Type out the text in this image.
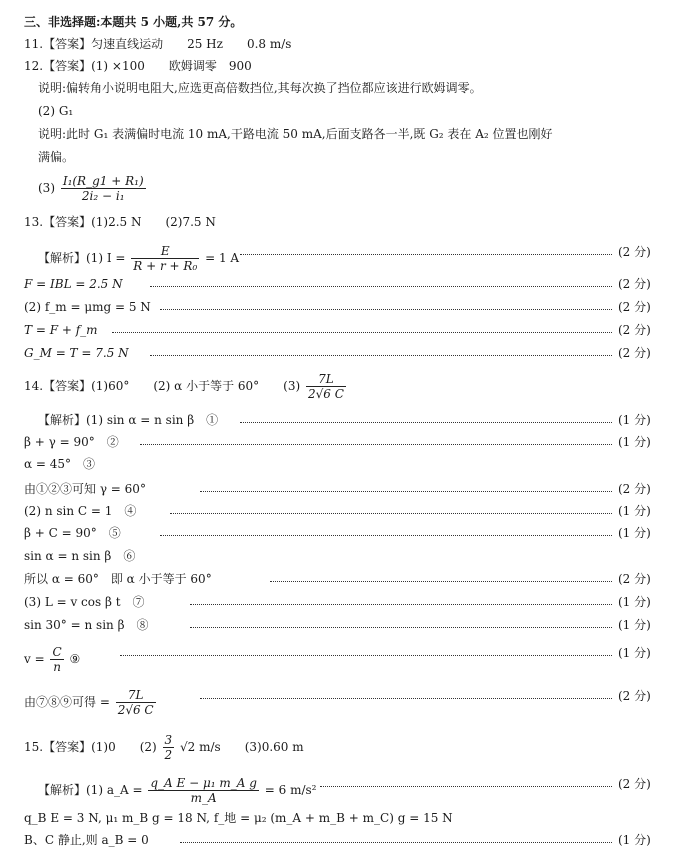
三、非选择题:本题共 5 小题,共 57 分。
11.【答案】匀速直线运动　　25 Hz　　0.8 m/s
12.【答案】(1) ×100　　欧姆调零　900
说明:偏转角小说明电阻大,应选更高倍数挡位,其每次换了挡位都应该进行欧姆调零。
(2) G₁
说明:此时 G₁ 表满偏时电流 10 mA,干路电流 50 mA,后面支路各一半,既 G₂ 表在 A₂ 位置也刚好
满偏。
$(3) \frac{\text{I₁(R\_g1 + R₁)}}{\text{2i₂ − i₁}}$
13.【答案】(1)2.5 N　　(2)7.5 N
【解析】(1) $I = \frac{E}{\text{R + r + R₀}} = 1$ A	(2 分)
F = IBL = 2.5 N	(2 分)
(2) f_m = μmg = 5 N	(2 分)
T = F + f_m	(2 分)
G_M = T = 7.5 N	(2 分)
14.【答案】(1)60°　　(2) α 小于等于 60°　　$(3) \frac{7L}{2√6 C}$
【解析】(1) sin α = n sin β　①	(1 分)
β + γ = 90°　②	(1 分)
α = 45°　③
由①②③可知 γ = 60°	(2 分)
(2) n sin C = 1　④	(1 分)
β + C = 90°　⑤	(1 分)
sin α = n sin β　⑥
所以 α = 60°　即 α 小于等于 60°	(2 分)
(3) L = v cos β t　⑦	(1 分)
sin 30° = n sin β　⑧	(1 分)
$v = \frac{C}{n}$ ⑨	(1 分)
由⑦⑧⑨可得 = $\frac{7L}{2√6 C}$	(2 分)
15.【答案】(1)0　　$(2) \frac{3}{2} √2$ m/s　　(3)0.60 m
【解析】(1) a_A = $\frac{\text{q\_A E − μ₁ m\_A g}}{m\_A} = 6$ m/s²	(2 分)
q_B E = 3 N, μ₁ m_B g = 18 N, f_地 = μ₂ (m_A + m_B + m_C) g = 15 N
B、C 静止,则 a_B = 0	(1 分)
